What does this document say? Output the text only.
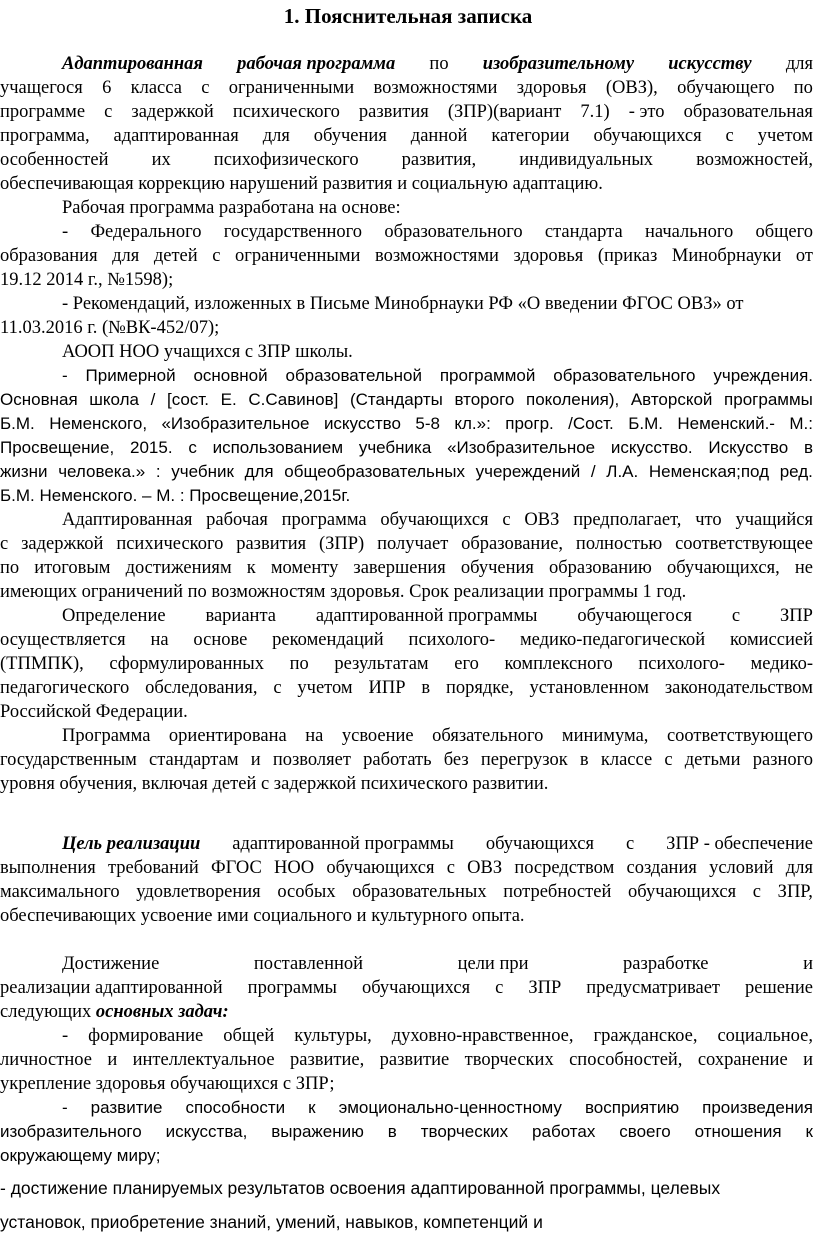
1. Пояснительная записка
Адаптированная рабочая программа по изобразительному искусству для
учащегося 6 класса с ограниченными возможностями здоровья (ОВЗ), обучающего по
программе с задержкой психического развития (ЗПР)(вариант 7.1) - это образовательная
программа, адаптированная для обучения данной категории обучающихся с учетом
особенностей их психофизического развития, индивидуальных возможностей,
обеспечивающая коррекцию нарушений развития и социальную адаптацию.
Рабочая программа разработана на основе:
- Федерального государственного образовательного стандарта начального общего
образования для детей с ограниченными возможностями здоровья (приказ Минобрнауки от
19.12 2014 г., №1598);
- Рекомендаций, изложенных в Письме Минобрнауки РФ «О введении ФГОС ОВЗ» от
11.03.2016 г. (№ВК-452/07);
АООП НОО учащихся с ЗПР школы.
- Примерной основной образовательной программой образовательного учреждения.
Основная школа / [сост. Е. С.Савинов] (Стандарты второго поколения), Авторской программы
Б.М. Неменского, «Изобразительное искусство 5-8 кл.»: прогр. /Сост. Б.М. Неменский.- М.:
Просвещение, 2015. с использованием учебника «Изобразительное искусство. Искусство в
жизни человека.» : учебник для общеобразовательных учереждений / Л.А. Неменская;под ред.
Б.М. Неменского. – М. : Просвещение,2015г.
Адаптированная рабочая программа обучающихся с ОВЗ предполагает, что учащийся
с задержкой психического развития (ЗПР) получает образование, полностью соответствующее
по итоговым достижениям к моменту завершения обучения образованию обучающихся, не
имеющих ограничений по возможностям здоровья. Срок реализации программы 1 год.
Определение варианта адаптированной программы обучающегося с ЗПР
осуществляется на основе рекомендаций психолого- медико-педагогической комиссией
(ТПМПК), сформулированных по результатам его комплексного психолого- медико-
педагогического обследования, с учетом ИПР в порядке, установленном законодательством
Российской Федерации.
Программа ориентирована на усвоение обязательного минимума, соответствующего
государственным стандартам и позволяет работать без перегрузок в классе с детьми разного
уровня обучения, включая детей с задержкой психического развитии.
Цель реализации адаптированной программы обучающихся с ЗПР - обеспечение
выполнения требований ФГОС НОО обучающихся с ОВЗ посредством создания условий для
максимального удовлетворения особых образовательных потребностей обучающихся с ЗПР,
обеспечивающих усвоение ими социального и культурного опыта.
Достижение	поставленной	цели при	разработке	и
реализации адаптированной программы обучающихся с ЗПР предусматривает решение
- формирование общей культуры, духовно-нравственное, гражданское, социальное,
личностное и интеллектуальное развитие, развитие творческих способностей, сохранение и
укрепление здоровья обучающихся с ЗПР;
- развитие способности к эмоционально-ценностному восприятию произведения
изобразительного искусства, выражению в творческих работах своего отношения к
окружающему миру;
следующих основных задач:
- достижение планируемых результатов освоения адаптированной программы, целевых
установок, приобретение знаний, умений, навыков, компетенций и
